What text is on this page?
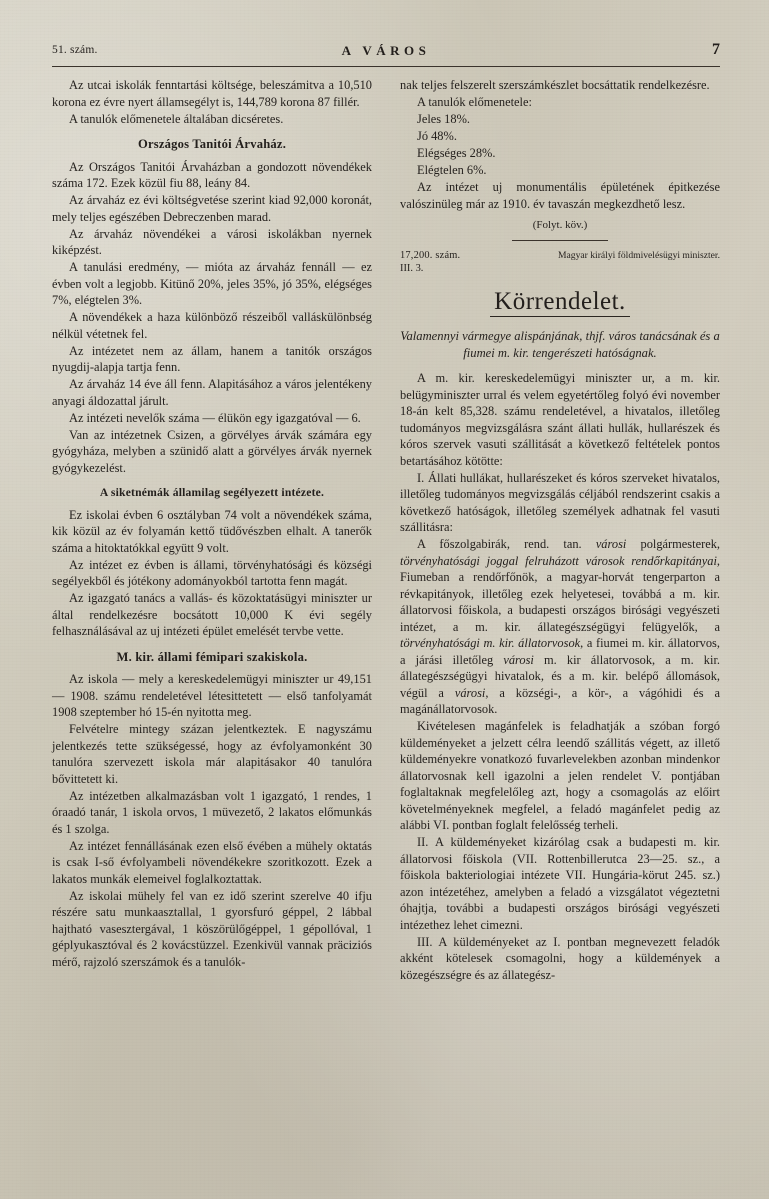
51. szám.	A VÁROS	7

Az utcai iskolák fenntartási költsége, beleszámitva a 10,510 korona ez évre nyert államsegélyt is, 144,789 korona 87 fillér.

A tanulók előmenetele általában dicséretes.

Országos Tanitói Árvaház.

Az Országos Tanitói Árvaházban a gondozott növendékek száma 172. Ezek közül fiu 88, leány 84.

Az árvaház ez évi költségvetése szerint kiad 92,000 koronát, mely teljes egészében Debreczenben marad.

Az árvaház növendékei a városi iskolákban nyernek kiképzést.

A tanulási eredmény, — mióta az árvaház fennáll — ez évben volt a legjobb. Kitünő 20%, jeles 35%, jó 35%, elégséges 7%, elégtelen 3%.

A növendékek a haza különböző részeiből valláskülönbség nélkül vétetnek fel.

Az intézetet nem az állam, hanem a tanitók országos nyugdij-alapja tartja fenn.

Az árvaház 14 éve áll fenn. Alapitásához a város jelentékeny anyagi áldozattal járult.

Az intézeti nevelők száma — élükön egy igazgatóval — 6.

Van az intézetnek Csizen, a görvélyes árvák számára egy gyógyháza, melyben a szünidő alatt a görvélyes árvák nyernek gyógykezelést.

A siketnémák államilag segélyezett intézete.

Ez iskolai évben 6 osztályban 74 volt a növendékek száma, kik közül az év folyamán kettő tüdővészben elhalt. A tanerők száma a hitoktatókkal együtt 9 volt.

Az intézet ez évben is állami, törvényhatósági és községi segélyekből és jótékony adományokból tartotta fenn magát.

Az igazgató tanács a vallás- és közoktatásügyi miniszter ur által rendelkezésre bocsátott 10,000 K évi segély felhasználásával az uj intézeti épület emelését tervbe vette.

M. kir. állami fémipari szakiskola.

Az iskola — mely a kereskedelemügyi miniszter ur 49,151— 1908. számu rendeletével létesittetett — első tanfolyamát 1908 szeptember hó 15-én nyitotta meg.

Felvételre mintegy százan jelentkeztek. E nagyszámu jelentkezés tette szükségessé, hogy az évfolyamonként 30 tanulóra szervezett iskola már alapitásakor 40 tanulóra bővittetett ki.

Az intézetben alkalmazásban volt 1 igazgató, 1 rendes, 1 óraadó tanár, 1 iskola orvos, 1 müvezető, 2 lakatos előmunkás és 1 szolga.

Az intézet fennállásának ezen első évében a mühely oktatás is csak I-ső évfolyambeli növendékekre szoritkozott. Ezek a lakatos munkák elemeivel foglalkoztattak.

Az iskolai mühely fel van ez idő szerint szerelve 40 ifju részére satu munkaasztallal, 1 gyorsfuró géppel, 2 lábbal hajtható vasesztergával, 1 köszörülőgéppel, 1 gépollóval, 1 géplyukasztóval és 2 kovácstüzzel. Ezenkivül vannak präciziós mérő, rajzoló szerszámok és a tanulók-

nak teljes felszerelt szerszámkészlet bocsáttatik rendelkezésre.

A tanulók előmenetele:

Jeles 18%.

Jó 48%.

Elégséges 28%.

Elégtelen 6%.

Az intézet uj monumentális épületének épitkezése valószinüleg már az 1910. év tavaszán megkezdhető lesz.

(Folyt. köv.)
17,200. szám.
III. 3.
Magyar királyi földmivelésügyi miniszter.
Körrendelet.
Valamennyi vármegye alispánjának, thjf. város tanácsának és a fiumei m. kir. tengerészeti hatóságnak.

A m. kir. kereskedelemügyi miniszter ur, a m. kir. belügyminiszter urral és velem egyetértőleg folyó évi november 18-án kelt 85,328. számu rendeletével, a hivatalos, illetőleg tudományos megvizsgálásra szánt állati hullák, hullarészek és kóros szervek vasuti szállitását a következő feltételek pontos betartásához kötötte:

I. Állati hullákat, hullarészeket és kóros szerveket hivatalos, illetőleg tudományos megvizsgálás céljából rendszerint csakis a következő hatóságok, illetőleg személyek adhatnak fel vasuti szállitásra:

A főszolgabirák, rend. tan. városi polgármesterek, törvényhatósági joggal felruházott városok rendőrkapitányai, Fiumeban a rendőrfőnök, a magyar-horvát tengerparton a révkapitányok, illetőleg ezek helyetesei, továbbá a m. kir. állatorvosi főiskola, a budapesti országos birósági vegyészeti intézet, a m. kir. állategészségügyi felügyelők, a törvényhatósági m. kir. állatorvosok, a fiumei m. kir. állatorvos, a járási illetőleg városi m. kir állatorvosok, a m. kir. állategészségügyi hivatalok, és a m. kir. belépő állomások, végül a városi, a községi-, a kör-, a vágóhidi és a magánállatorvosok.

Kivételesen magánfelek is feladhatják a szóban forgó küldeményeket a jelzett célra leendő szállitás végett, az illető küldeményekre vonatkozó fuvarlevelekben azonban mindenkor állatorvosnak kell igazolni a jelen rendelet V. pontjában foglaltaknak megfelelőleg azt, hogy a csomagolás az előirt követelményeknek megfelel, a feladó magánfelet pedig az alábbi VI. pontban foglalt felelősség terheli.

II. A küldeményeket kizárólag csak a budapesti m. kir. állatorvosi főiskola (VII. Rottenbillerutca 23—25. sz., a főiskola bakteriologiai intézete VII. Hungária-körut 245. sz.) azon intézetéhez, amelyben a feladó a vizsgálatot végeztetni óhajtja, további a budapesti országos birósági vegyészeti intézethez lehet cimezni.

III. A küldeményeket az I. pontban megnevezett feladók akként kötelesek csomagolni, hogy a küldemények a közegészségre és az állategész-
